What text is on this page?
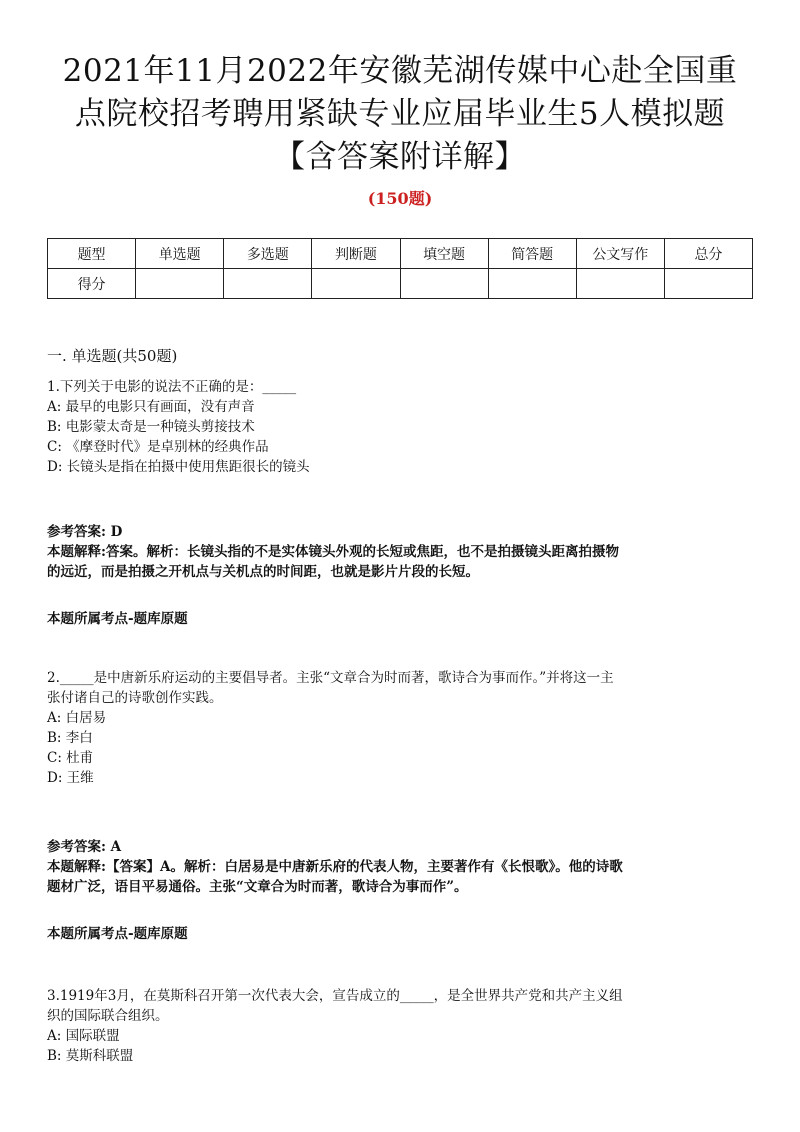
2021年11月2022年安徽芜湖传媒中心赴全国重
点院校招考聘用紧缺专业应届毕业生5人模拟题
【含答案附详解】
(150题)
题型	单选题	多选题	判断题	填空题	简答题	公文写作	总分
得分							
一. 单选题(共50题)

1.下列关于电影的说法不正确的是：_____

A: 最早的电影只有画面，没有声音

B: 电影蒙太奇是一种镜头剪接技术

C: 《摩登时代》是卓别林的经典作品

D: 长镜头是指在拍摄中使用焦距很长的镜头

参考答案: D

本题解释:答案。解析：长镜头指的不是实体镜头外观的长短或焦距，也不是拍摄镜头距离拍摄物

的远近，而是拍摄之开机点与关机点的时间距，也就是影片片段的长短。

本题所属考点-题库原题

2._____是中唐新乐府运动的主要倡导者。主张“文章合为时而著，歌诗合为事而作。”并将这一主

张付诸自己的诗歌创作实践。

A: 白居易

B: 李白

C: 杜甫

D: 王维

参考答案: A

本题解释:【答案】A。解析：白居易是中唐新乐府的代表人物，主要著作有《长恨歌》。他的诗歌

题材广泛，语目平易通俗。主张“文章合为时而著，歌诗合为事而作”。

本题所属考点-题库原题

3.1919年3月，在莫斯科召开第一次代表大会，宣告成立的_____，是全世界共产党和共产主义组

织的国际联合组织。

A: 国际联盟

B: 莫斯科联盟
